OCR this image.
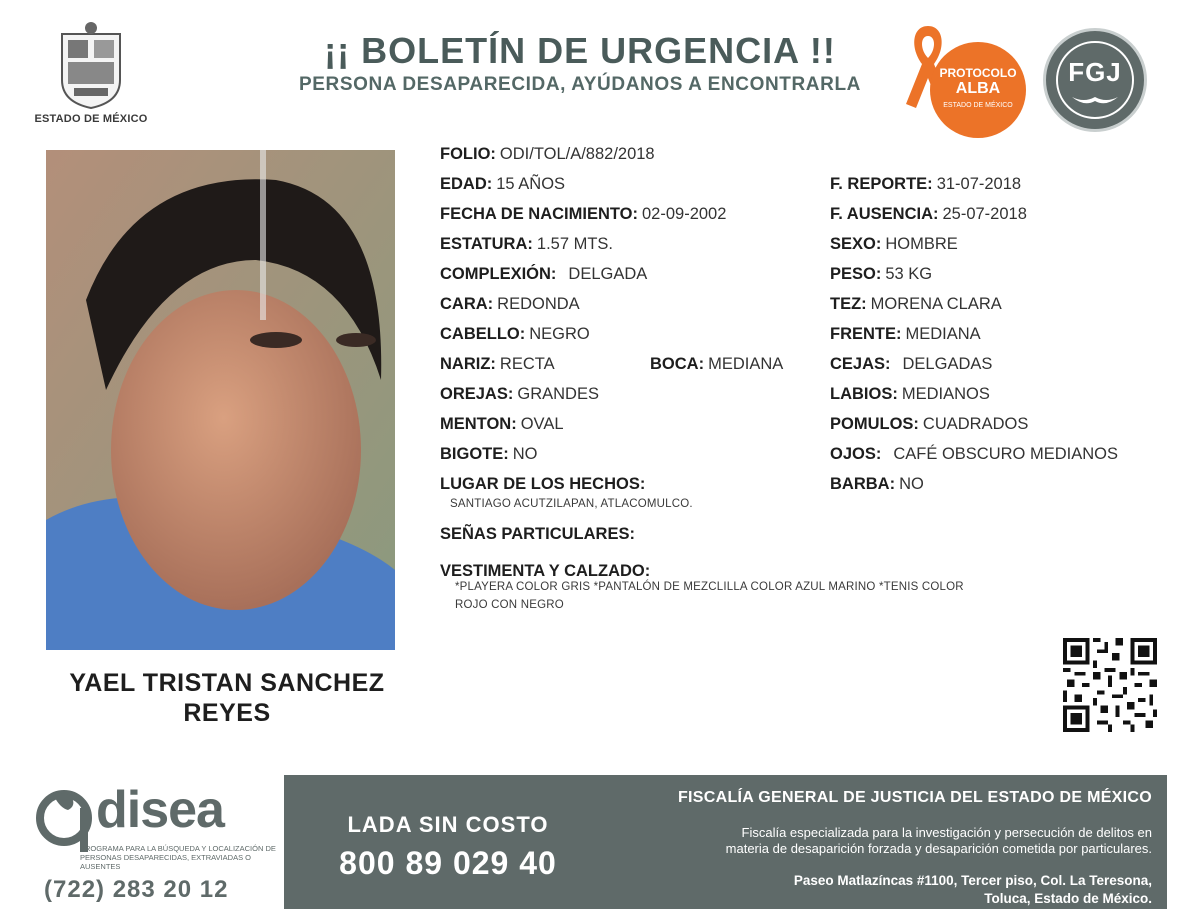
ESTADO DE MÉXICO
¡¡ BOLETÍN DE URGENCIA !!
PERSONA DESAPARECIDA, AYÚDANOS A ENCONTRARLA
PROTOCOLO
ALBA
ESTADO DE MÉXICO
FGJ
YAEL TRISTAN SANCHEZ REYES
FOLIO: ODI/TOL/A/882/2018
EDAD: 15 AÑOS
FECHA DE NACIMIENTO: 02-09-2002
ESTATURA: 1.57 MTS.
COMPLEXIÓN: DELGADA
CARA: REDONDA
CABELLO: NEGRO
NARIZ: RECTA	BOCA: MEDIANA
OREJAS: GRANDES
MENTON: OVAL
BIGOTE: NO
LUGAR DE LOS HECHOS:
SANTIAGO ACUTZILAPAN, ATLACOMULCO.
SEÑAS PARTICULARES:
VESTIMENTA Y CALZADO:
*PLAYERA COLOR GRIS *PANTALÓN DE MEZCLILLA COLOR AZUL MARINO *TENIS COLOR
ROJO CON NEGRO
F. REPORTE: 31-07-2018
F. AUSENCIA: 25-07-2018
SEXO: HOMBRE
PESO: 53 KG
TEZ: MORENA CLARA
FRENTE: MEDIANA
CEJAS: DELGADAS
LABIOS: MEDIANOS
POMULOS: CUADRADOS
OJOS: CAFÉ OBSCURO MEDIANOS
BARBA: NO
disea
PROGRAMA PARA LA BÚSQUEDA Y LOCALIZACIÓN DE PERSONAS DESAPARECIDAS, EXTRAVIADAS O AUSENTES
(722) 283 20 12
LADA SIN COSTO
800 89 029 40
FISCALÍA GENERAL DE JUSTICIA DEL ESTADO DE MÉXICO
Fiscalía especializada para la investigación y persecución de delitos en
materia de desaparición forzada y desaparición cometida por particulares.
Paseo Matlazíncas #1100, Tercer piso, Col. La Teresona,
Toluca, Estado de México.
